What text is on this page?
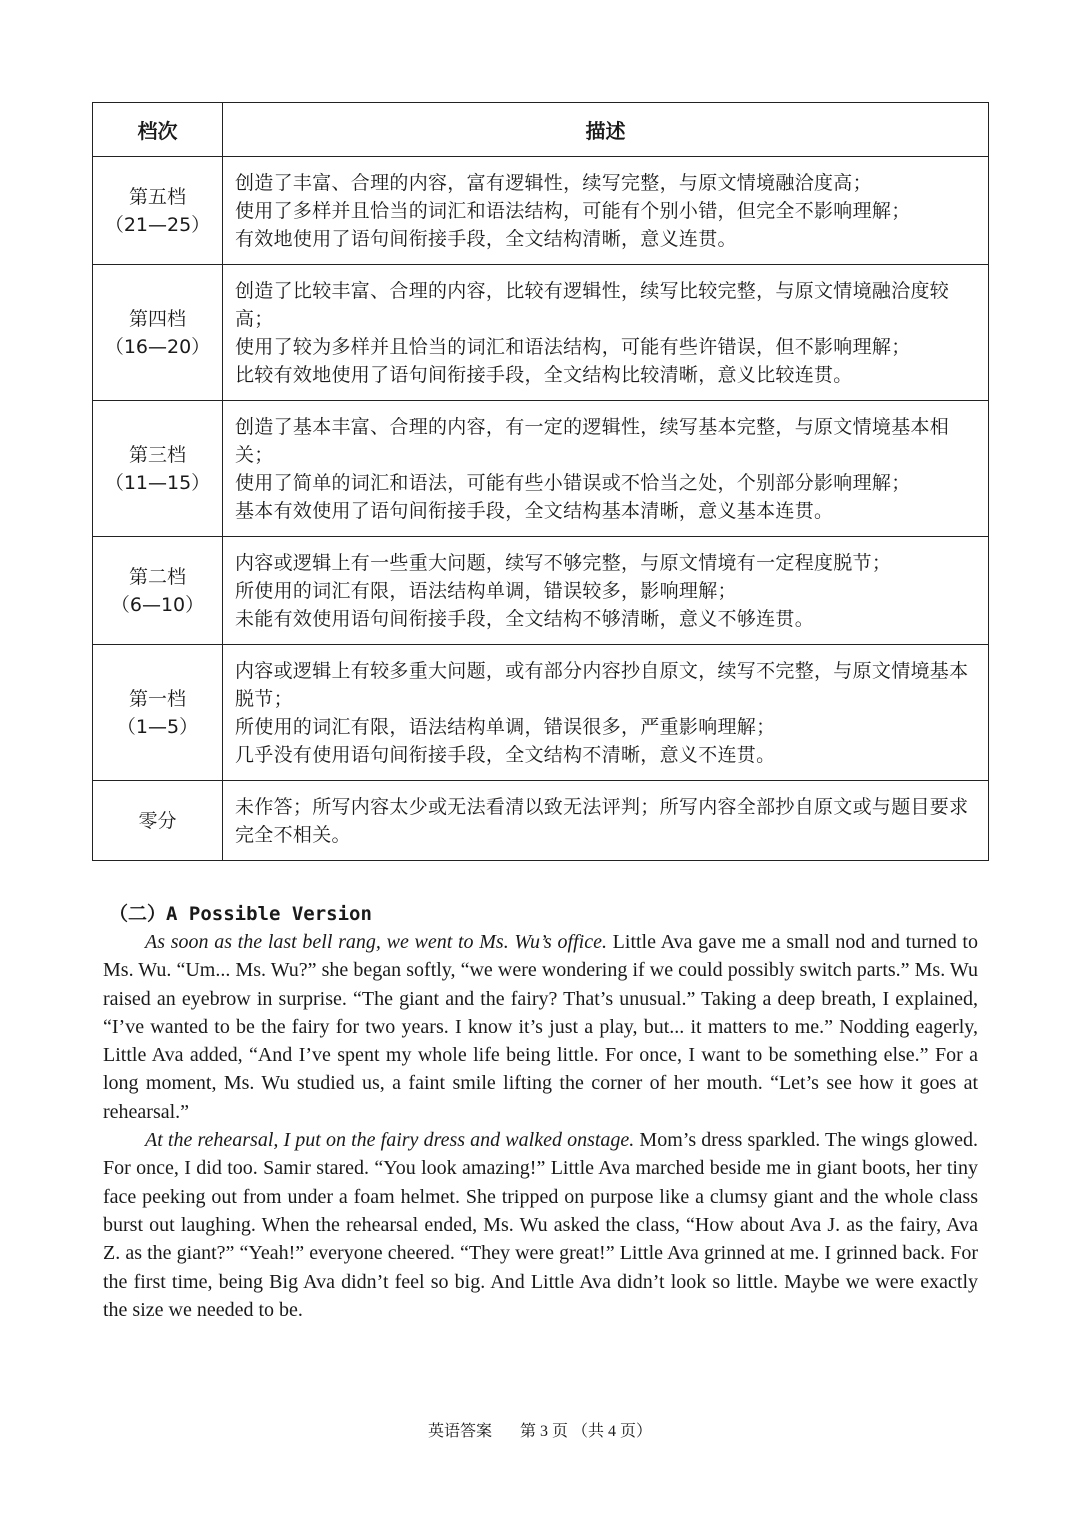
档次	描述
第五档
（21—25）	创造了丰富、合理的内容，富有逻辑性，续写完整，与原文情境融洽度高；
使用了多样并且恰当的词汇和语法结构，可能有个别小错，但完全不影响理解；
有效地使用了语句间衔接手段，全文结构清晰，意义连贯。

第四档
（16—20）	创造了比较丰富、合理的内容，比较有逻辑性，续写比较完整，与原文情境融洽度较高；
使用了较为多样并且恰当的词汇和语法结构，可能有些许错误，但不影响理解；
比较有效地使用了语句间衔接手段，全文结构比较清晰，意义比较连贯。

第三档
（11—15）	创造了基本丰富、合理的内容，有一定的逻辑性，续写基本完整，与原文情境基本相关；
使用了简单的词汇和语法，可能有些小错误或不恰当之处，个别部分影响理解；
基本有效使用了语句间衔接手段，全文结构基本清晰，意义基本连贯。

第二档
（6—10）	内容或逻辑上有一些重大问题，续写不够完整，与原文情境有一定程度脱节；
所使用的词汇有限，语法结构单调，错误较多，影响理解；
未能有效使用语句间衔接手段，全文结构不够清晰，意义不够连贯。

第一档
（1—5）	内容或逻辑上有较多重大问题，或有部分内容抄自原文，续写不完整，与原文情境基本脱节；
所使用的词汇有限，语法结构单调，错误很多，严重影响理解；
几乎没有使用语句间衔接手段，全文结构不清晰，意义不连贯。

零分	未作答；所写内容太少或无法看清以致无法评判；所写内容全部抄自原文或与题目要求完全不相关。
（二）A Possible Version

As soon as the last bell rang, we went to Ms. Wu’s office. Little Ava gave me a small nod and turned to Ms. Wu. “Um... Ms. Wu?” she began softly, “we were wondering if we could possibly switch parts.” Ms. Wu raised an eyebrow in surprise. “The giant and the fairy? That’s unusual.” Taking a deep breath, I explained, “I’ve wanted to be the fairy for two years. I know it’s just a play, but... it matters to me.” Nodding eagerly, Little Ava added, “And I’ve spent my whole life being little. For once, I want to be something else.” For a long moment, Ms. Wu studied us, a faint smile lifting the corner of her mouth. “Let’s see how it goes at rehearsal.”

At the rehearsal, I put on the fairy dress and walked onstage. Mom’s dress sparkled. The wings glowed. For once, I did too. Samir stared. “You look amazing!” Little Ava marched beside me in giant boots, her tiny face peeking out from under a foam helmet. She tripped on purpose like a clumsy giant and the whole class burst out laughing. When the rehearsal ended, Ms. Wu asked the class, “How about Ava J. as the fairy, Ava Z. as the giant?” “Yeah!” everyone cheered. “They were great!” Little Ava grinned at me. I grinned back. For the first time, being Big Ava didn’t feel so big. And Little Ava didn’t look so little. Maybe we were exactly the size we needed to be.

英语答案 第 3 页 （共 4 页）
